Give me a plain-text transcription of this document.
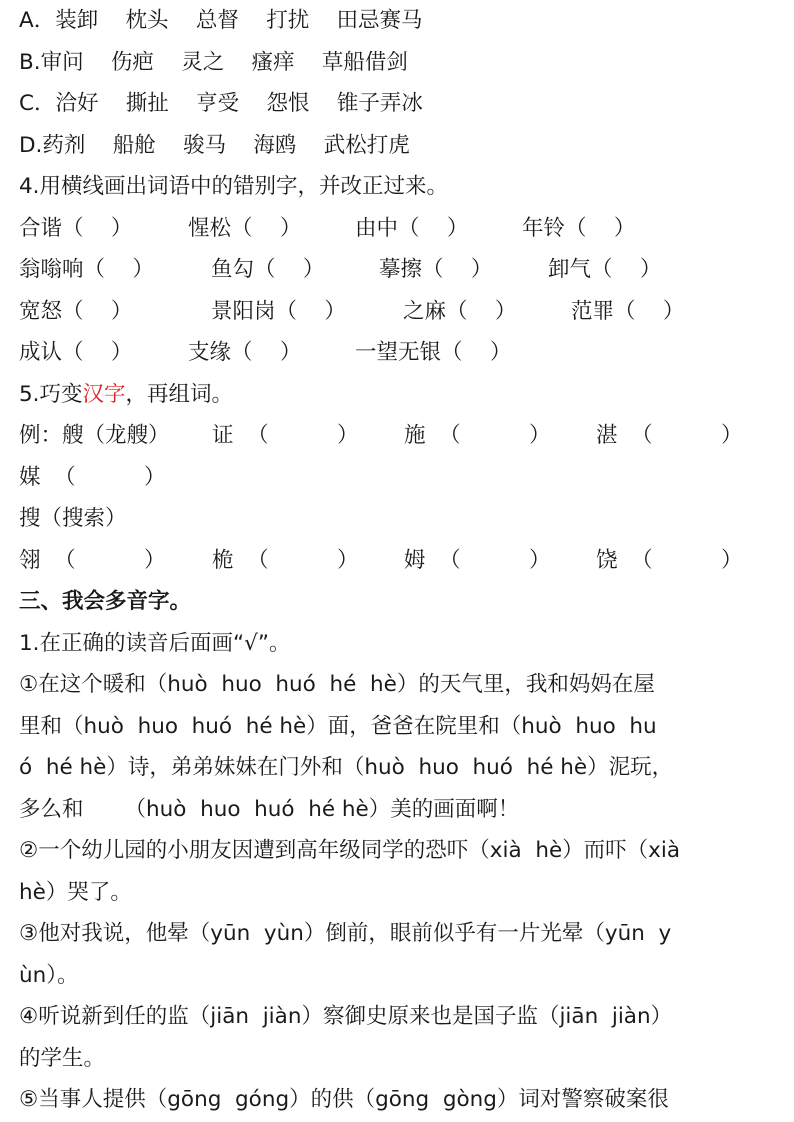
A．装卸    枕头    总督    打扰    田忌赛马
B.审问    伤疤    灵之    瘙痒    草船借剑
C．洽好    撕扯    亨受    怨恨    锥子弄冰
D.药剂    船舱    骏马    海鸥    武松打虎
4.用横线画出词语中的错别字，并改正过来。
合谐（    ）	惺松（    ）	由中（    ）	年铃（    ）
翁嗡响（    ）	鱼勾（    ）	摹擦（    ）	卸气（    ）
宽怒（    ）	景阳岗（    ）	之麻（    ）	范罪（    ）
成认（    ）	支缘（    ）	一望无银（    ）
5.巧变汉字，再组词。
例：艘（龙艘）	证  （          ）	施  （          ）	湛  （          ）
媒  （          ）
搜（搜索）
翎  （          ）	桅  （          ）	姆  （          ）	饶  （          ）
三、我会多音字。
1.在正确的读音后面画“√”。
①在这个暖和（huò  huo  huó  hé  hè）的天气里，我和妈妈在屋
里和（huò  huo  huó  hé hè）面，爸爸在院里和（huò  huo  hu
ó  hé hè）诗，弟弟妹妹在门外和（huò  huo  huó  hé hè）泥玩，
多么和      （huò  huo  huó  hé hè）美的画面啊！
②一个幼儿园的小朋友因遭到高年级同学的恐吓（xià  hè）而吓（xià
hè）哭了。
③他对我说，他晕（yūn  yùn）倒前，眼前似乎有一片光晕（yūn  y
ùn）。
④听说新到任的监（jiān  jiàn）察御史原来也是国子监（jiān  jiàn）
的学生。
⑤当事人提供（gōng  góng）的供（gōng  gòng）词对警察破案很
